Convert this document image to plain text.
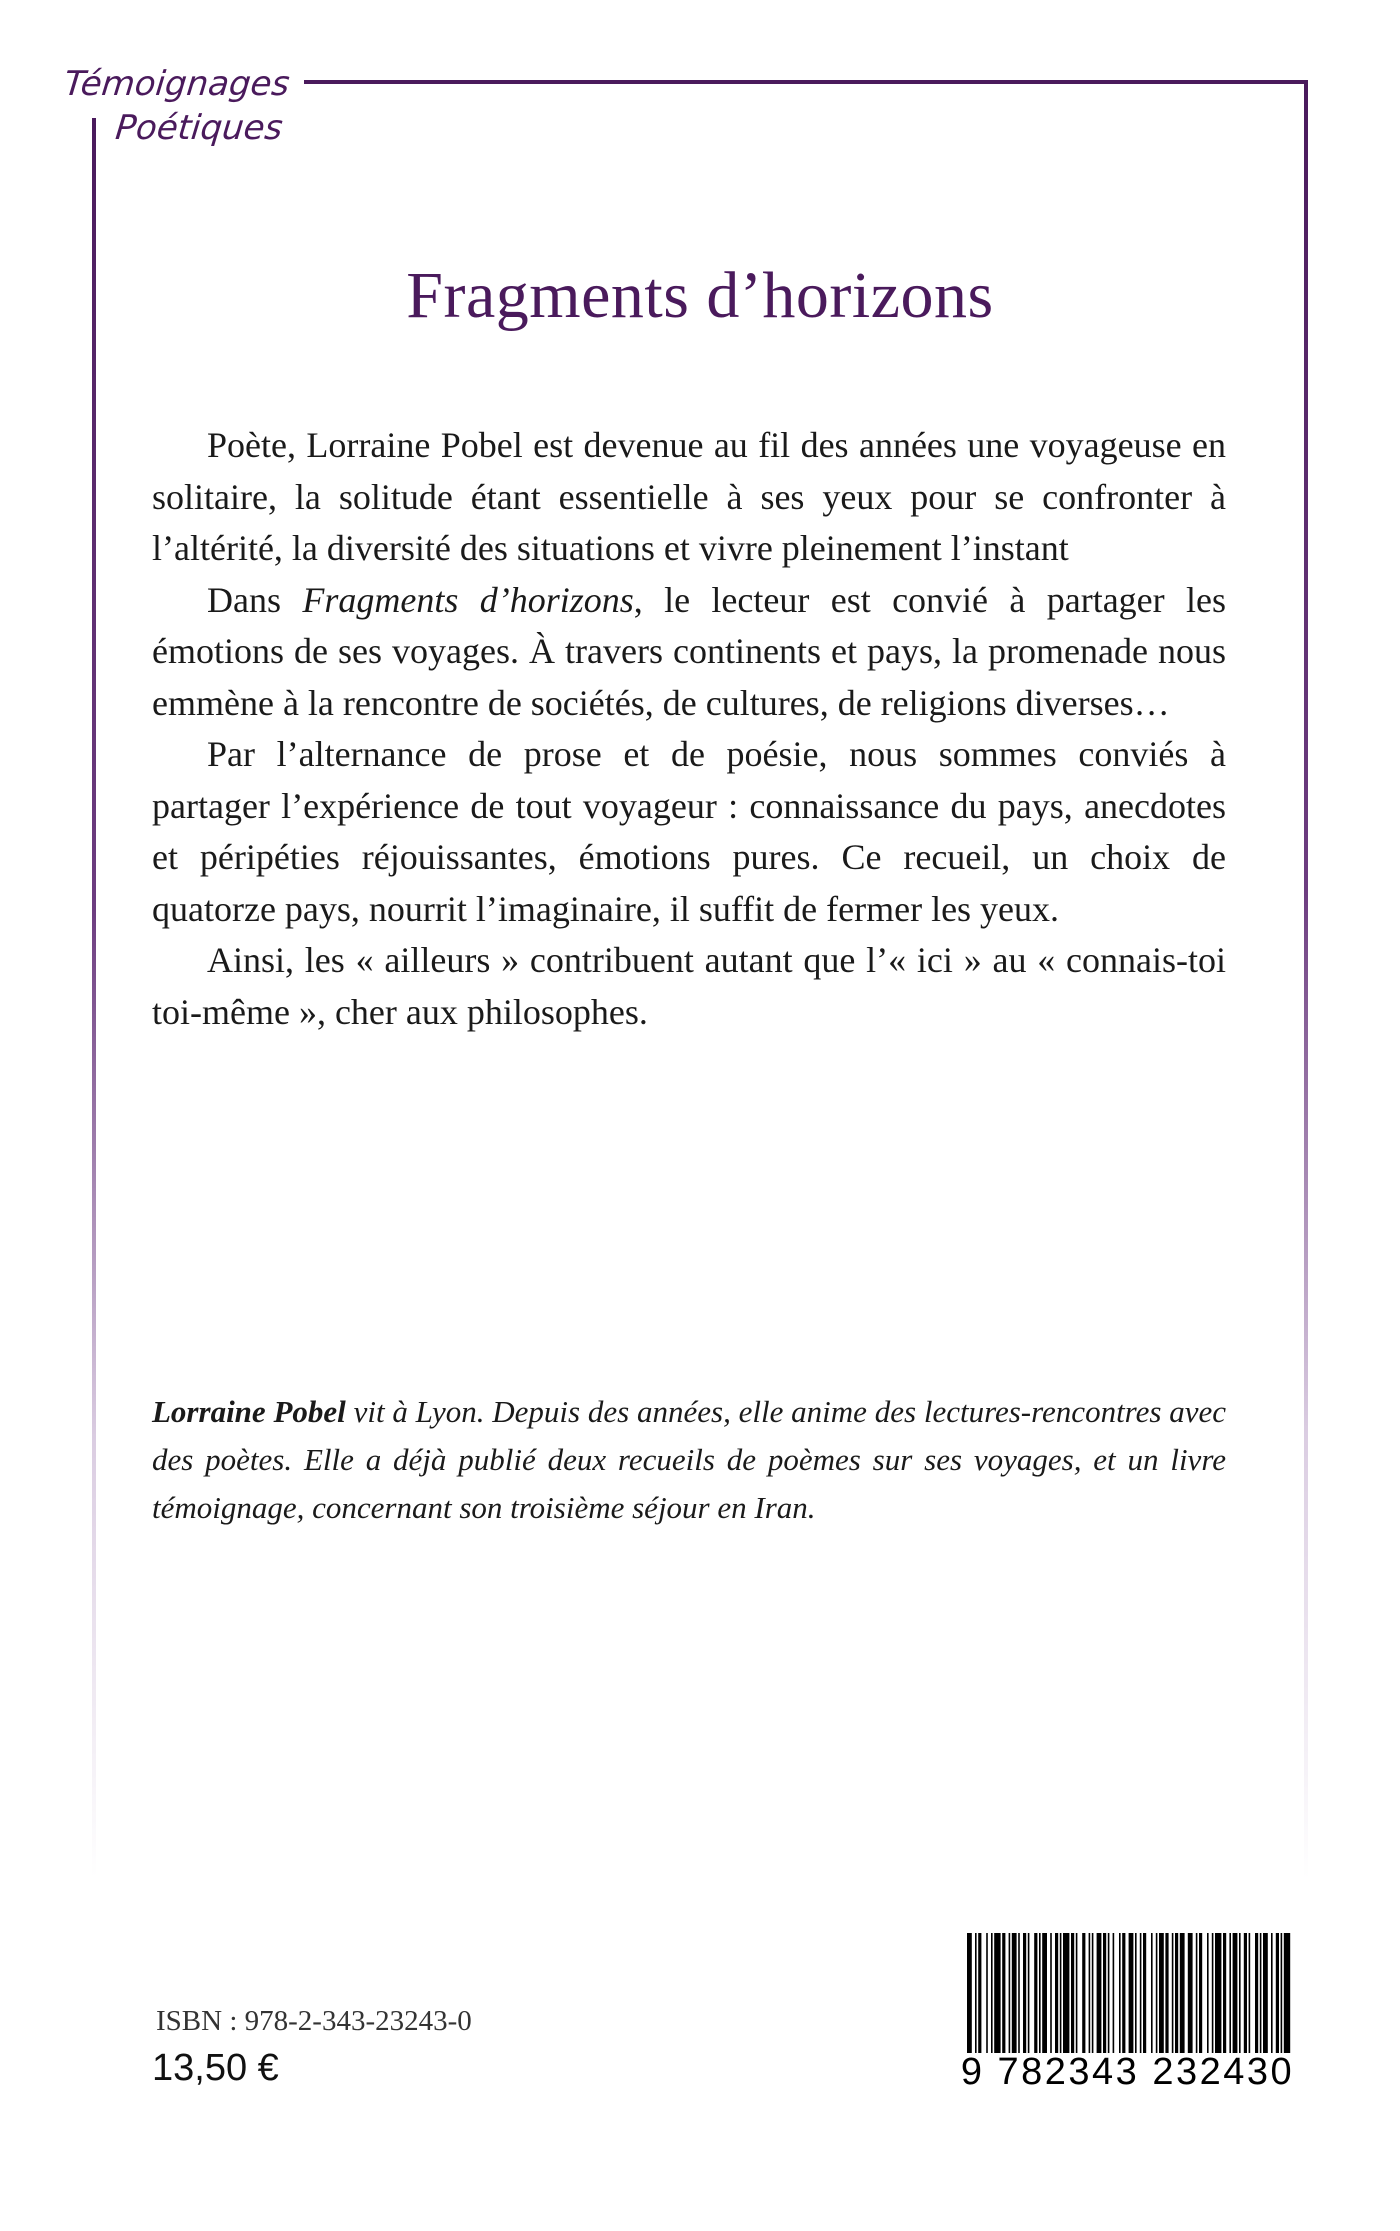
Témoignages
Poétiques
Fragments d’horizons

Poète, Lorraine Pobel est devenue au fil des années une voyageuse en solitaire, la solitude étant essentielle à ses yeux pour se confronter à l’altérité, la diversité des situations et vivre pleinement l’instant

Dans Fragments d’horizons, le lecteur est convié à partager les émotions de ses voyages. À travers continents et pays, la promenade nous emmène à la rencontre de sociétés, de cultures, de religions diverses…

Par l’alternance de prose et de poésie, nous sommes conviés à partager l’expérience de tout voyageur : connaissance du pays, anecdotes et péripéties réjouissantes, émotions pures. Ce recueil, un choix de quatorze pays, nourrit l’imaginaire, il suffit de fermer les yeux.

Ainsi, les « ailleurs » contribuent autant que l’« ici » au « connais-toi toi-même », cher aux philosophes.

Lorraine Pobel vit à Lyon. Depuis des années, elle anime des lectures-rencontres avec des poètes. Elle a déjà publié deux recueils de poèmes sur ses voyages, et un livre témoignage, concernant son troisième séjour en Iran.
ISBN : 978-2-343-23243-0
13,50 €	9 782343 232430
